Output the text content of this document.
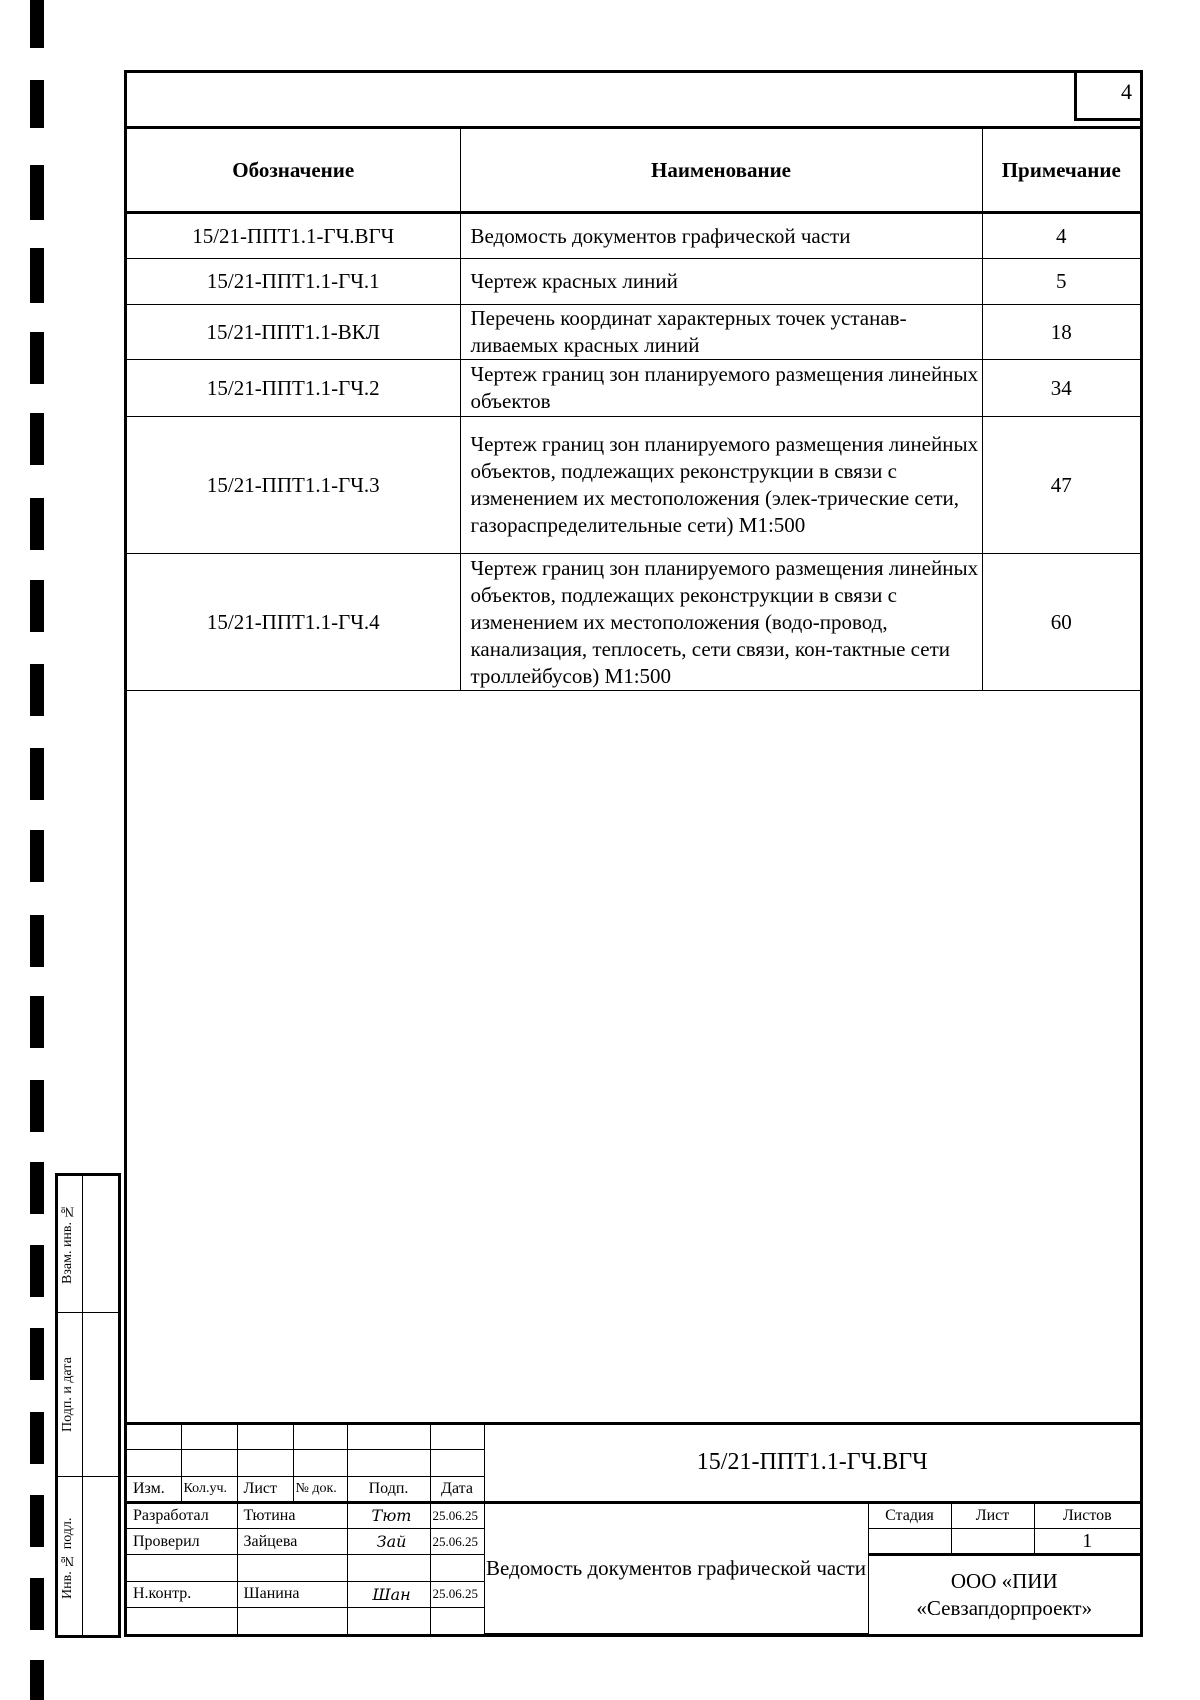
Взам. инв. №
Подп. и дата
Инв. № подл.
4
Обозначение	Наименование	Примечание
15/21-ППТ1.1-ГЧ.ВГЧ	Ведомость документов графической части	4
15/21-ППТ1.1-ГЧ.1	Чертеж красных линий	5
15/21-ППТ1.1-ВКЛ	Перечень координат характерных точек устанав-ливаемых красных линий	18
15/21-ППТ1.1-ГЧ.2	Чертеж границ зон планируемого размещения линейных объектов	34
15/21-ППТ1.1-ГЧ.3	Чертеж границ зон планируемого размещения линейных объектов, подлежащих реконструкции в связи с изменением их местоположения (элек-трические сети, газораспределительные сети) М1:500	47
15/21-ППТ1.1-ГЧ.4	Чертеж границ зон планируемого размещения линейных объектов, подлежащих реконструкции в связи с изменением их местоположения (водо-провод, канализация, теплосеть, сети связи, кон-тактные сети троллейбусов) М1:500	60
						15/21-ППТ1.1-ГЧ.ВГЧ			

Изм.	Кол.уч.	Лист	№ док.	Подп.	Дата				
Разработал		Тютина		Тют	25.06.25	Ведомость документов графической части	Стадия	Лист	Листов
Проверил		Зайцева		Зай	25.06.25				1
							ООО «ПИИ «Севзапдорпроект»		
Н.контр.		Шанина		Шан	25.06.25				
